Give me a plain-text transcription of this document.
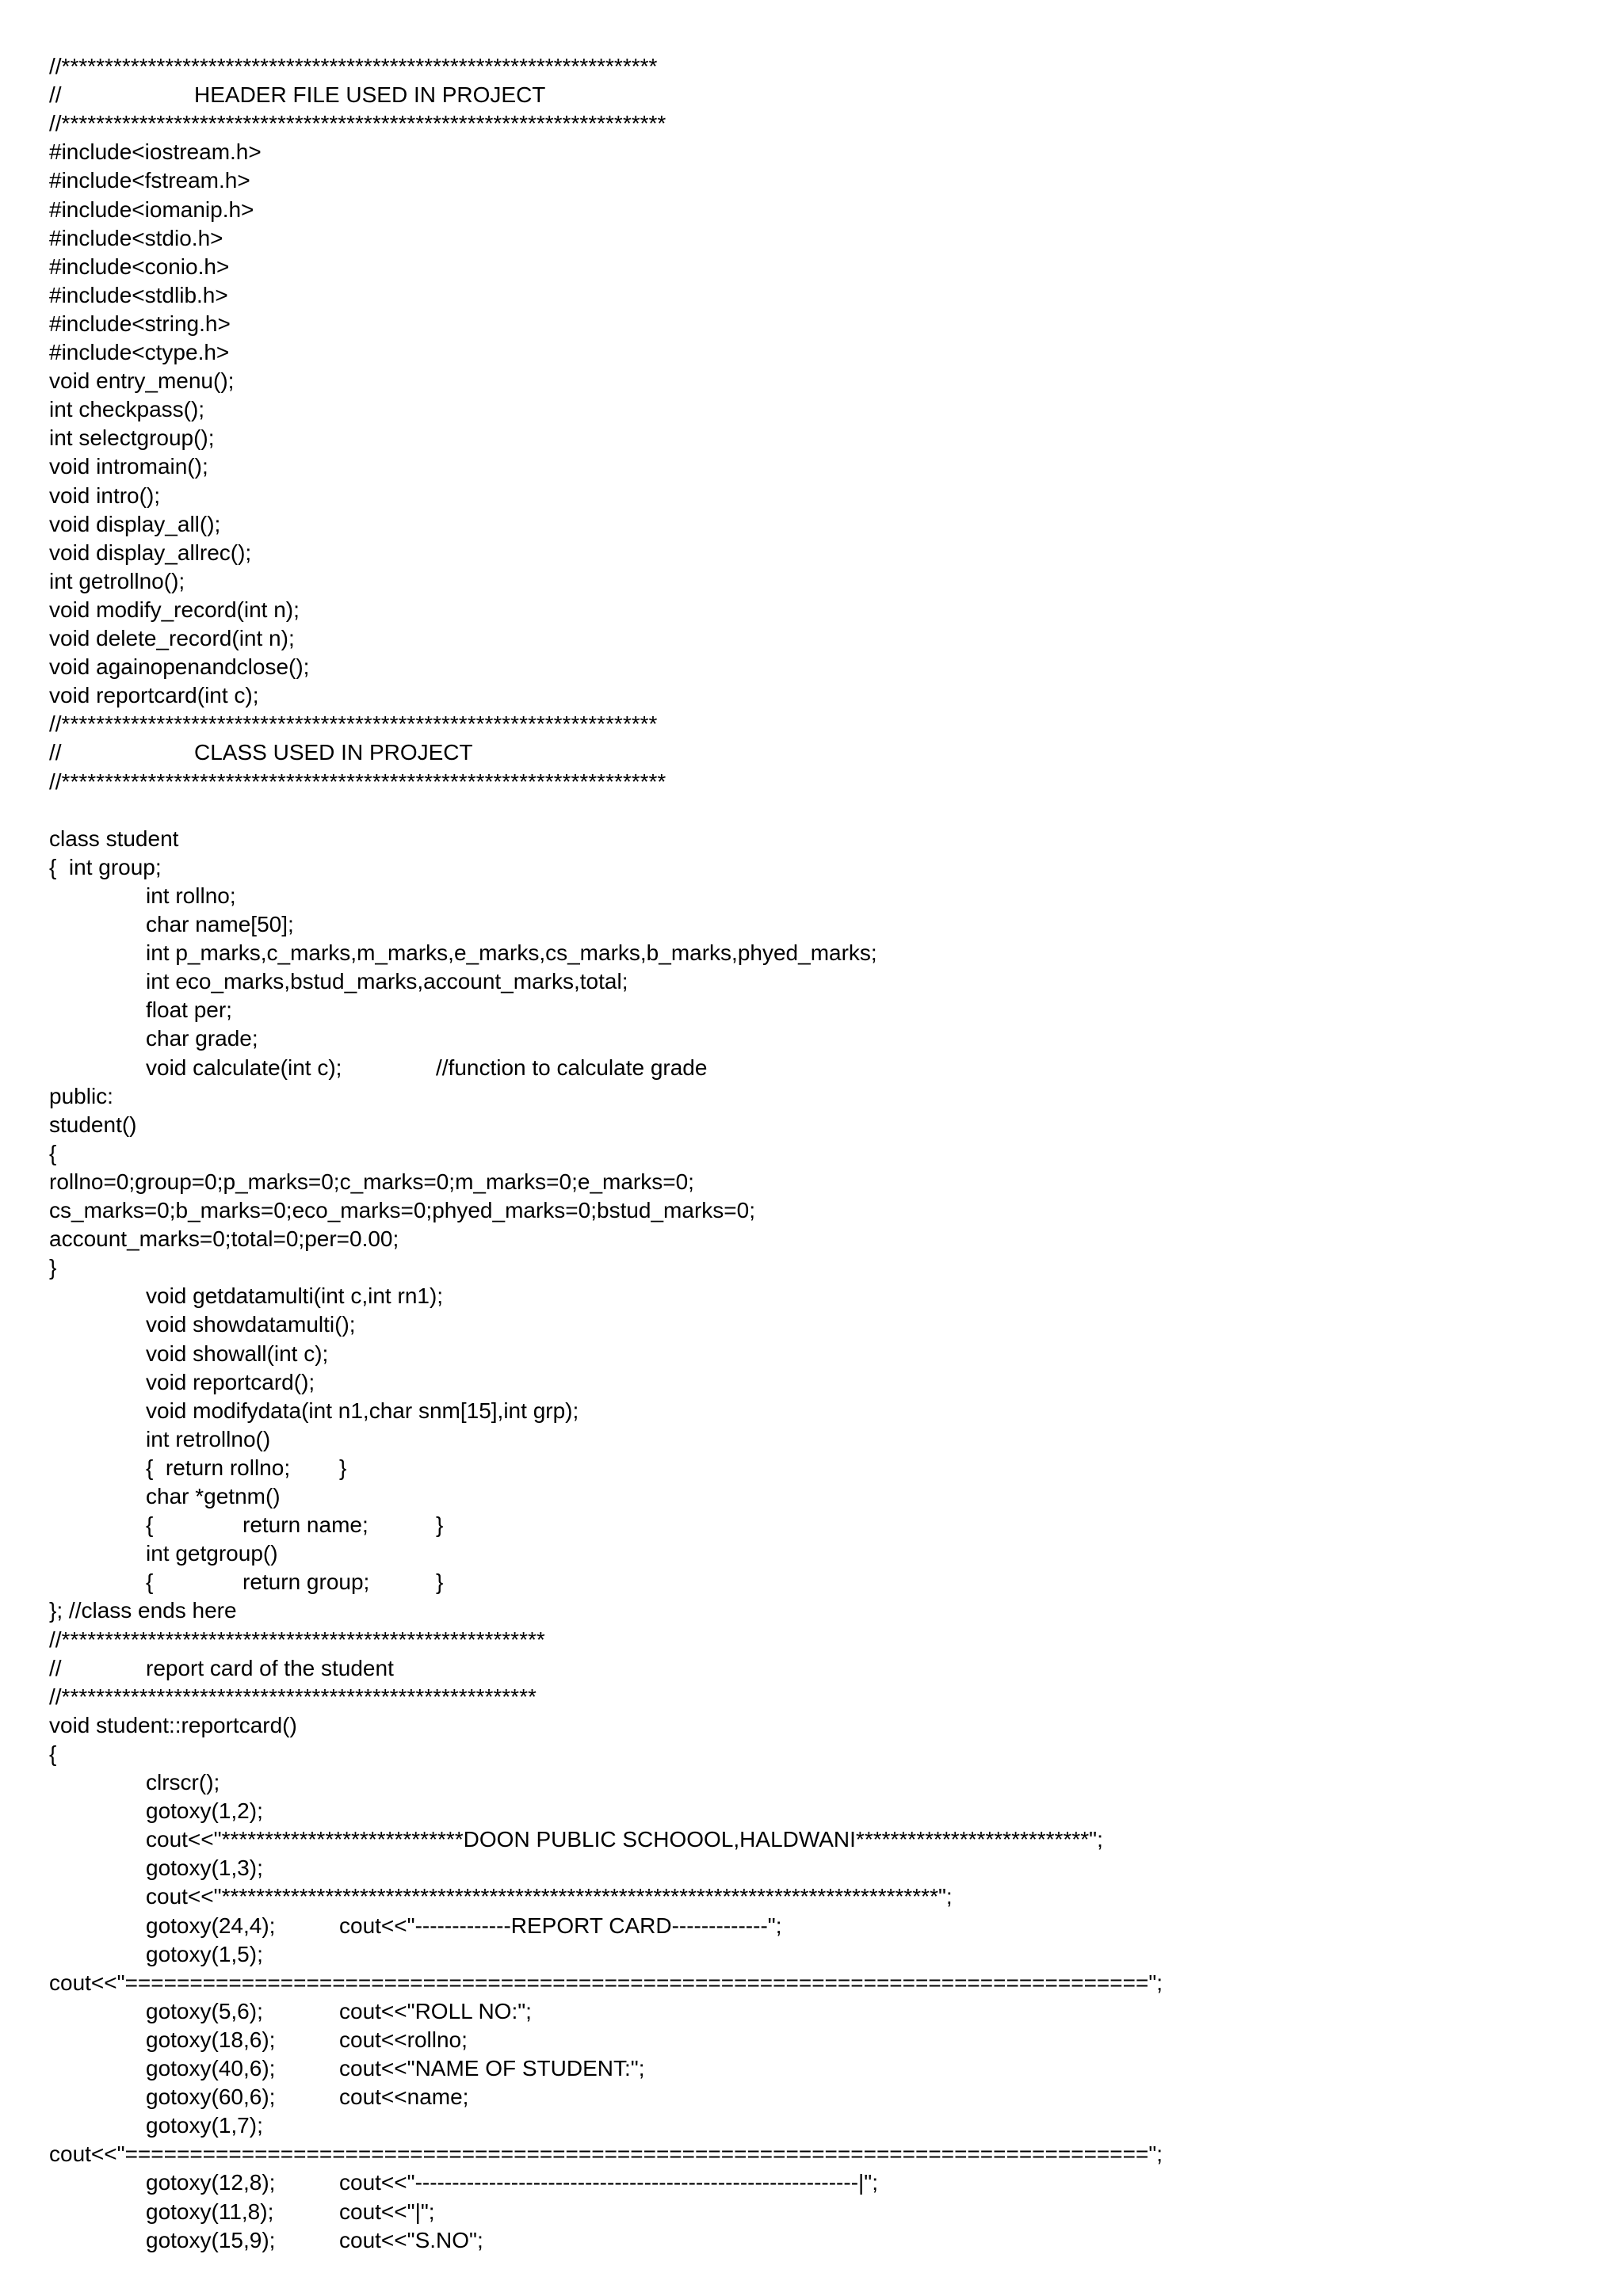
//*********************************************************************
//	HEADER FILE USED IN PROJECT
//**********************************************************************
#include<iostream.h>
#include<fstream.h>
#include<iomanip.h>
#include<stdio.h>
#include<conio.h>
#include<stdlib.h>
#include<string.h>
#include<ctype.h>
void entry_menu();
int checkpass();
int selectgroup();
void intromain();
void intro();
void display_all();
void display_allrec();
int getrollno();
void modify_record(int n);
void delete_record(int n);
void againopenandclose();
void reportcard(int c);
//*********************************************************************
//	CLASS USED IN PROJECT
//**********************************************************************
class student
{  int group;
int rollno;
char name[50];
int p_marks,c_marks,m_marks,e_marks,cs_marks,b_marks,phyed_marks;
int eco_marks,bstud_marks,account_marks,total;
float per;
char grade;
void calculate(int c);	//function to calculate grade
public:
student()
{
rollno=0;group=0;p_marks=0;c_marks=0;m_marks=0;e_marks=0;
cs_marks=0;b_marks=0;eco_marks=0;phyed_marks=0;bstud_marks=0;
account_marks=0;total=0;per=0.00;
}
void getdatamulti(int c,int rn1);
void showdatamulti();
void showall(int c);
void reportcard();
void modifydata(int n1,char snm[15],int grp);
int retrollno()
{  return rollno; }
char *getnm()
{	return name;	}
int getgroup()
{	return group;	}
}; //class ends here
//********************************************************
//	report card of the student
//*******************************************************
void student::reportcard()
{
clrscr();
gotoxy(1,2);
cout<<"****************************DOON PUBLIC SCHOOOL,HALDWANI***************************";
gotoxy(1,3);
cout<<"***********************************************************************************";
gotoxy(24,4);	cout<<"-------------REPORT CARD-------------";
gotoxy(1,5);
cout<<"===============================================================================";
gotoxy(5,6);	cout<<"ROLL NO:";
gotoxy(18,6);	cout<<rollno;
gotoxy(40,6);	cout<<"NAME OF STUDENT:";
gotoxy(60,6);	cout<<name;
gotoxy(1,7);
cout<<"===============================================================================";
gotoxy(12,8);	cout<<"------------------------------------------------------------|";
gotoxy(11,8);	cout<<"|";
gotoxy(15,9);	cout<<"S.NO";
